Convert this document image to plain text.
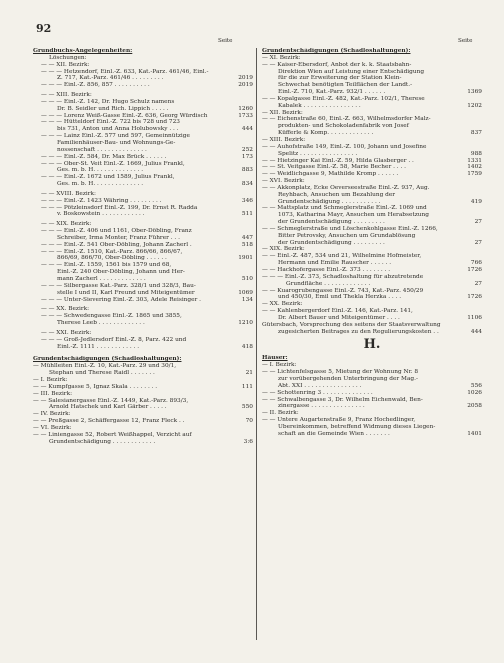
92
Seite	Seite
Grundbuchs-Angelegenheiten:
Löschungen:
— — XII. Bezirk:
— — — Hetzendorf, Einl.-Z. 633, Kat.-Parz. 461/46, Einl.-
Z. 717, Kat.-Parz. 461/46 . . . . . . . . .	2019
— — — Einl.-Z. 856, 857 . . . . . . . . . .	2019
— — XIII. Bezirk:
— — — Einl.-Z. 142, Dr. Hugo Schulz namens
Dr. B. Seidler und Rich. Lippich . . . . .	1260
— — — Lorenz Weiß-Gasse Einl.-Z. 636, Georg Würdisch	1733
— — — Hütteldorf Einl.-Z. 722 bis 728 und 723
bis 731, Anton und Anna Holubowsky . . .	444
— — — Lainz Einl.-Z. 577 und 597, Gemeinnützige
Familienhäuser-Bau- und Wohnungs-Ge-
nossenschaft . . . . . . . . . . . . . .	252
— — — Einl.-Z. 584, Dr. Max Brück . . . . . .	173
— — — Ober-St. Veit Einl.-Z. 1669, Julius Frankl,
Ges. m. b. H. . . . . . . . . . . . . .	883
— — — Einl.-Z. 1672 und 1589, Julius Frankl,
Ges. m. b. H. . . . . . . . . . . . . .	834
— — XVIII. Bezirk:
— — — Einl.-Z. 1423 Währing . . . . . . . . .	346
— — — Pötzleinsdorf Einl.-Z. 199, Dr. Ernst R. Radda
v. Boskowstein . . . . . . . . . . . .	511
— — XIX. Bezirk:
— — — Einl.-Z. 406 und 1161, Ober-Döbling, Franz
Schreiber, Irma Monter, Franz Führer . . .	447
— — — Einl.-Z. 541 Ober-Döbling, Johann Zacherl .	518
— — — Einl.-Z. 1510, Kat.-Parz. 866/66, 866/67,
866/69, 866/70, Ober-Döbling . . . . . .	1901
— — — Einl.-Z. 1559, 1561 bis 1579 und 68,
Einl.-Z. 240 Ober-Döbling, Johann und Her-
mann Zacherl . . . . . . . . . . . . .	510
— — — Silbergasse Kat.-Parz. 328/1 und 328/3, Bau-
stelle I und II, Karl Freund und Miteigentümer	1069
— — — Unter-Sievering Einl.-Z. 303, Adele Reisinger .	134
— — XX. Bezirk:
— — — Schwedengasse Einl.-Z. 1865 und 3855,
Therese Leeb . . . . . . . . . . . . .	1210
— — XXI. Bezirk:
— — — Groß-Jedlersdorf Einl.-Z. 8, Parz. 422 und
Einl.-Z. 1111 . . . . . . . . . . . .	418
Grundentschädigungen (Schadloshaltungen):
— Mühlleiten Einl.-Z. 10, Kat.-Parz. 29 und 30/1,
Stephan und Therese Raidl . . . . . . .	21
— I. Bezirk:
— — Kumpfgasse 5, Ignaz Skala . . . . . . . .	111
— III. Bezirk:
— — Salesianergasse Einl.-Z. 1449, Kat.-Parz. 893/3,
Arnold Hatschek und Karl Gärber . . . . .	550
— IV. Bezirk:
— — Preßgasse 2, Schäffergasse 12, Franz Fleck . .	70
— VI. Bezirk:
— — Liniengasse 52, Robert Weißhappel, Verzicht auf
Grundentschädigung . . . . . . . . . . . .	3:6
Grundentschädigungen (Schadloshaltungen):
— XI. Bezirk:
— — Kaiser-Ebersdorf, Anbot der k. k. Staatsbahn-
Direktion Wien auf Leistung einer Entschädigung
für die zur Erweiterung der Station Klein-
Schwechat benötigten Teilflächen der Landt.-
Einl.-Z. 710, Kat.-Parz. 932/1 . . . . . .	1369
— — Kopalgasse Einl.-Z. 482, Kat.-Parz. 102/1, Therese
Kabalek . . . . . . . . . . . . . . . .	1202
— XII. Bezirk:
— — Eichenstraße 60, Einl.-Z. 663, Wilhelmsdorfer Malz-
produkten- und Schokoladenfabrik von Josef
Küfferle & Komp. . . . . . . . . . . . .	837
— XIII. Bezirk:
— — Auhofstraße 149, Einl.-Z. 100, Johann und Josefine
Spelitz . . . . . . . . . . . . . . . .	988
— — Hietzinger Kai Einl.-Z. 59, Hilda Glasberger . .	1331
— — St. Veitgasse Einl.-Z. 58, Marie Becher . . . .	1402
— — Weidlichgasse 9, Mathilde Kromp . . . . . .	1759
— XVI. Bezirk:
— — Akkonplatz, Ecke Oeverseestraße Einl.-Z. 937, Aug.
Reyhbach, Ansuchen um Bezahlung der
Grundentschädigung . . . . . . . . . . .	419
— — Mattsplatz und Schmeglerstraße Einl.-Z. 1069 und
1073, Katharina Mayr, Ansuchen um Herabsetzung
der Grundentschädigung . . . . . . . . .	27
— — Schmeglerstraße und Löschenkohlgasse Einl.-Z. 1266,
Bitter Petrovsky, Ansuchen um Grundablösung
der Grundentschädigung . . . . . . . . .	27
— XIX. Bezirk:
— — Einl.-Z. 487, 534 und 21, Wilhelmine Hofmeister,
Hermann und Emilie Rauscher . . . . . .	766
— — Hackhofergasse Einl.-Z. 373 . . . . . . . .	1726
— — — Einl.-Z. 373, Schadloshaltung für abzutretende
Grundfläche . . . . . . . . . . . . .	27
— — Kuarogrubengasse Einl.-Z. 743, Kat.-Parz. 450/29
und 450/30, Emil und Thekla Herzka . . . .	1726
— XX. Bezirk:
— — Kahlenbergerdorf Einl.-Z. 146, Kat.-Parz. 141,
Dr. Albert Bauer und Miteigentümer . . . .	1106
Gütersbach, Vorsprechung des seitens der Staatsverwaltung
zugesicherten Beitrages zu den Regulierungskosten . .	444
H.
Häuser:
— I. Bezirk:
— — Lichtenfelsgasse 5, Mietung der Wohnung Nr. 8
zur vorübergehenden Unterbringung der Mag.-
Abt. XXI . . . . . . . . . . . . . . . .	556
— — Schottenring 3 . . . . . . . . . . . . . .	1026
— — Schwalbengasse 3, Dr. Wilhelm Eichenwald, Ben-
zinergasse . . . . . . . . . . . . . . .	2058
— II. Bezirk:
— — Untere Augartenstraße 9, Franz Hochedlinger,
Übereinkommen, betreffend Widmung dieses Liegen-
schaft an die Gemeinde Wien . . . . . . .	1401
